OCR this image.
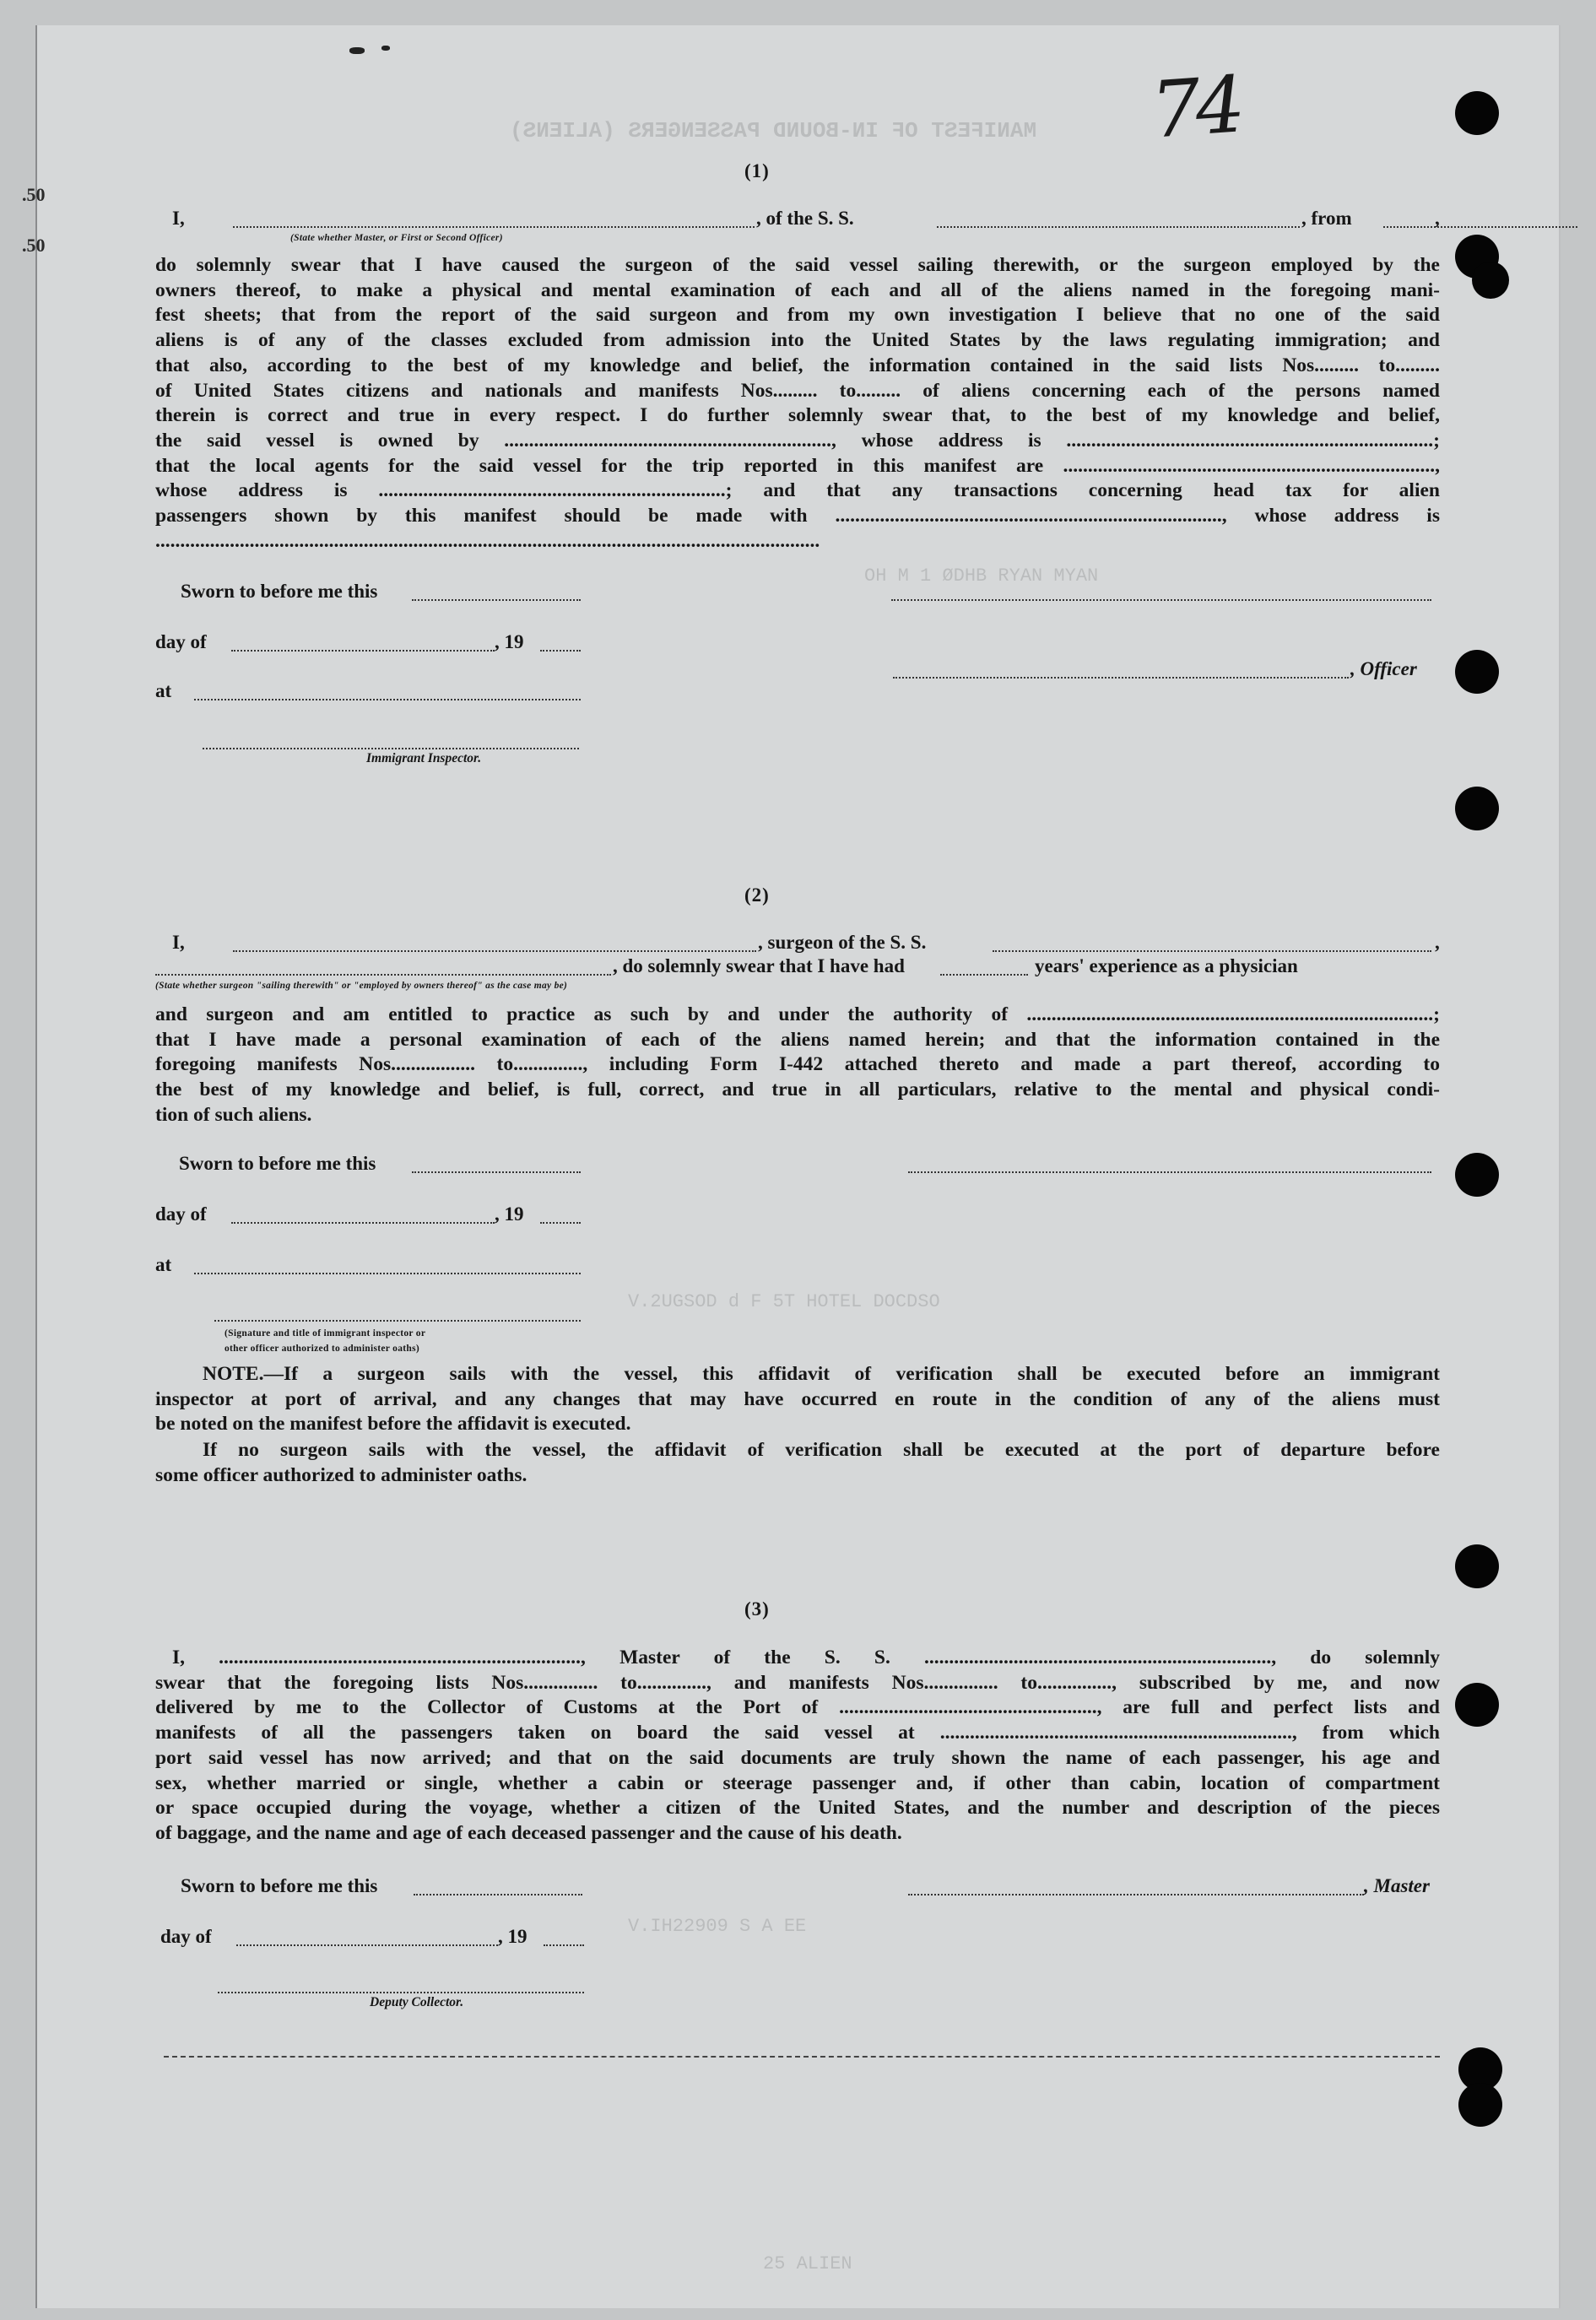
MANIFEST OF IN-BOUND PASSENGERS (ALIENS)
OH M 1 ØDHB RYAN MYAN
V.2UGSOD d F 5T HOTEL DOCDSO
V.IH22909 S A EE
25 ALIEN
74
.50
.50
(1)
I,	, of the S. S.	, from	,
(State whether Master, or First or Second Officer)
do solemnly swear that I have caused the surgeon of the said vessel sailing therewith, or the surgeon employed by the
owners thereof, to make a physical and mental examination of each and all of the aliens named in the foregoing mani-
fest sheets; that from the report of the said surgeon and from my own investigation I believe that no one of the said
aliens is of any of the classes excluded from admission into the United States by the laws regulating immigration; and
that also, according to the best of my knowledge and belief, the information contained in the said lists Nos......... to.........
of United States citizens and nationals and manifests Nos......... to......... of aliens concerning each of the persons named
therein is correct and true in every respect. I do further solemnly swear that, to the best of my knowledge and belief,
the said vessel is owned by .................................................................., whose address is ..........................................................................;
that the local agents for the said vessel for the trip reported in this manifest are ...........................................................................,
whose address is ......................................................................; and that any transactions concerning head tax for alien
passengers shown by this manifest should be made with .............................................................................., whose address is
......................................................................................................................................
Sworn to before me this
day of	, 19
, Officer
at
Immigrant Inspector.
(2)
I,	, surgeon of the S. S.	,
, do solemnly swear that I have had	years' experience as a physician
(State whether surgeon "sailing therewith" or "employed by owners thereof" as the case may be)
and surgeon and am entitled to practice as such by and under the authority of ..................................................................................;
that I have made a personal examination of each of the aliens named herein; and that the information contained in the
foregoing manifests Nos................. to.............., including Form I-442 attached thereto and made a part thereof, according to
the best of my knowledge and belief, is full, correct, and true in all particulars, relative to the mental and physical condi-
tion of such aliens.
Sworn to before me this
day of	, 19
at
(Signature and title of immigrant inspector or
other officer authorized to administer oaths)
NOTE.—If a surgeon sails with the vessel, this affidavit of verification shall be executed before an immigrant
inspector at port of arrival, and any changes that may have occurred en route in the condition of any of the aliens must
be noted on the manifest before the affidavit is executed.
If no surgeon sails with the vessel, the affidavit of verification shall be executed at the port of departure before
some officer authorized to administer oaths.
(3)
I, ........................................................................., Master of the S. S. ......................................................................, do solemnly
swear that the foregoing lists Nos............... to.............., and manifests Nos............... to..............., subscribed by me, and now
delivered by me to the Collector of Customs at the Port of ...................................................., are full and perfect lists and
manifests of all the passengers taken on board the said vessel at ......................................................................., from which
port said vessel has now arrived; and that on the said documents are truly shown the name of each passenger, his age and
sex, whether married or single, whether a cabin or steerage passenger and, if other than cabin, location of compartment
or space occupied during the voyage, whether a citizen of the United States, and the number and description of the pieces
of baggage, and the name and age of each deceased passenger and the cause of his death.
Sworn to before me this	, Master
day of	, 19
Deputy Collector.
